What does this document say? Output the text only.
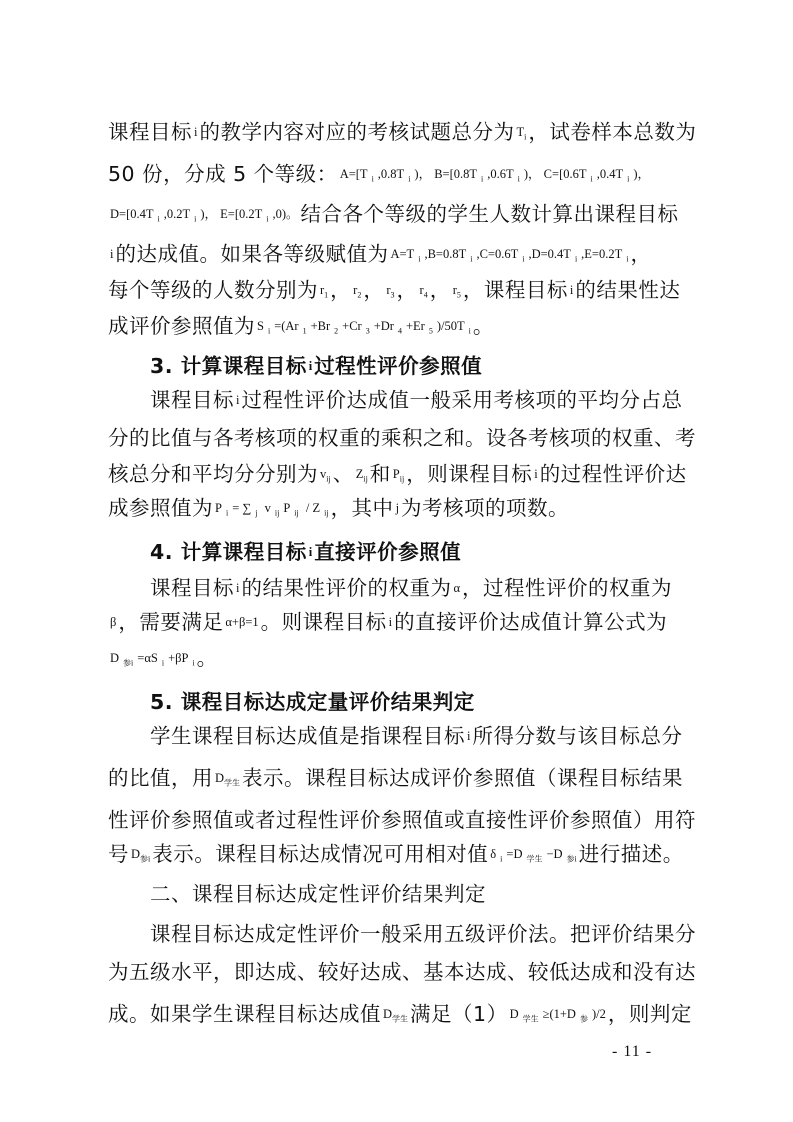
课程目标 i的教学内容对应的考核试题总分为 $T_i$，试卷样本总数为
50 份，分成 5 个等级： A=[T $_i$ ,0.8T $_i$ )， B=[0.8T $_i$ ,0.6T $_i$ )， C=[0.6T $_i$ ,0.4T $_i$ )，
D=[0.4T $_i$ ,0.2T $_i$ )， E=[0.2T $_i$ ,0)。结合各个等级的学生人数计算出课程目标
i的达成值。如果各等级赋值为 A=T $_i$ ,B=0.8T $_i$ ,C=0.6T $_i$ ,D=0.4T $_i$ ,E=0.2T $_i$，
每个等级的人数分别为 $r_1$， $r_2$， $r_3$， $r_4$， $r_5$，课程目标 i的结果性达
成评价参照值为 S $_i$ =(Ar $_1$ +Br $_2$ +Cr $_3$ +Dr $_4$ +Er $_5$ )/50T $_i$。
3. 计算课程目标 i过程性评价参照值
课程目标 i过程性评价达成值一般采用考核项的平均分占总
分的比值与各考核项的权重的乘积之和。设各考核项的权重、考
核总分和平均分分别为 $v_{ij}$、 $Z_{ij}$和 $P_{ij}$，则课程目标 i的过程性评价达
成参照值为 P $_i$ = ∑ $_j$ v $_{ij}$ P $_{ij}$ / Z $_{ij}$，其中 j为考核项的项数。
4. 计算课程目标 i直接评价参照值
课程目标 i的结果性评价的权重为 α，过程性评价的权重为
β，需要满足 α+β=1。则课程目标 i的直接评价达成值计算公式为
D $_{参i}$ =αS $_i$ +βP $_i$。
5. 课程目标达成定量评价结果判定
学生课程目标达成值是指课程目标 i所得分数与该目标总分
的比值，用 $D_{学生}$表示。课程目标达成评价参照值（课程目标结果
性评价参照值或者过程性评价参照值或直接性评价参照值）用符
号 $D_{参i}$表示。课程目标达成情况可用相对值 δ $_i$ =D $_{学生}$ −D $_{参i}$进行描述。
二、课程目标达成定性评价结果判定
课程目标达成定性评价一般采用五级评价法。把评价结果分
为五级水平，即达成、较好达成、基本达成、较低达成和没有达
成。如果学生课程目标达成值 $D_{学生}$满足（1） D $_{学生}$ ≥(1+D $_参$ )/2，则判定
- 11 -
